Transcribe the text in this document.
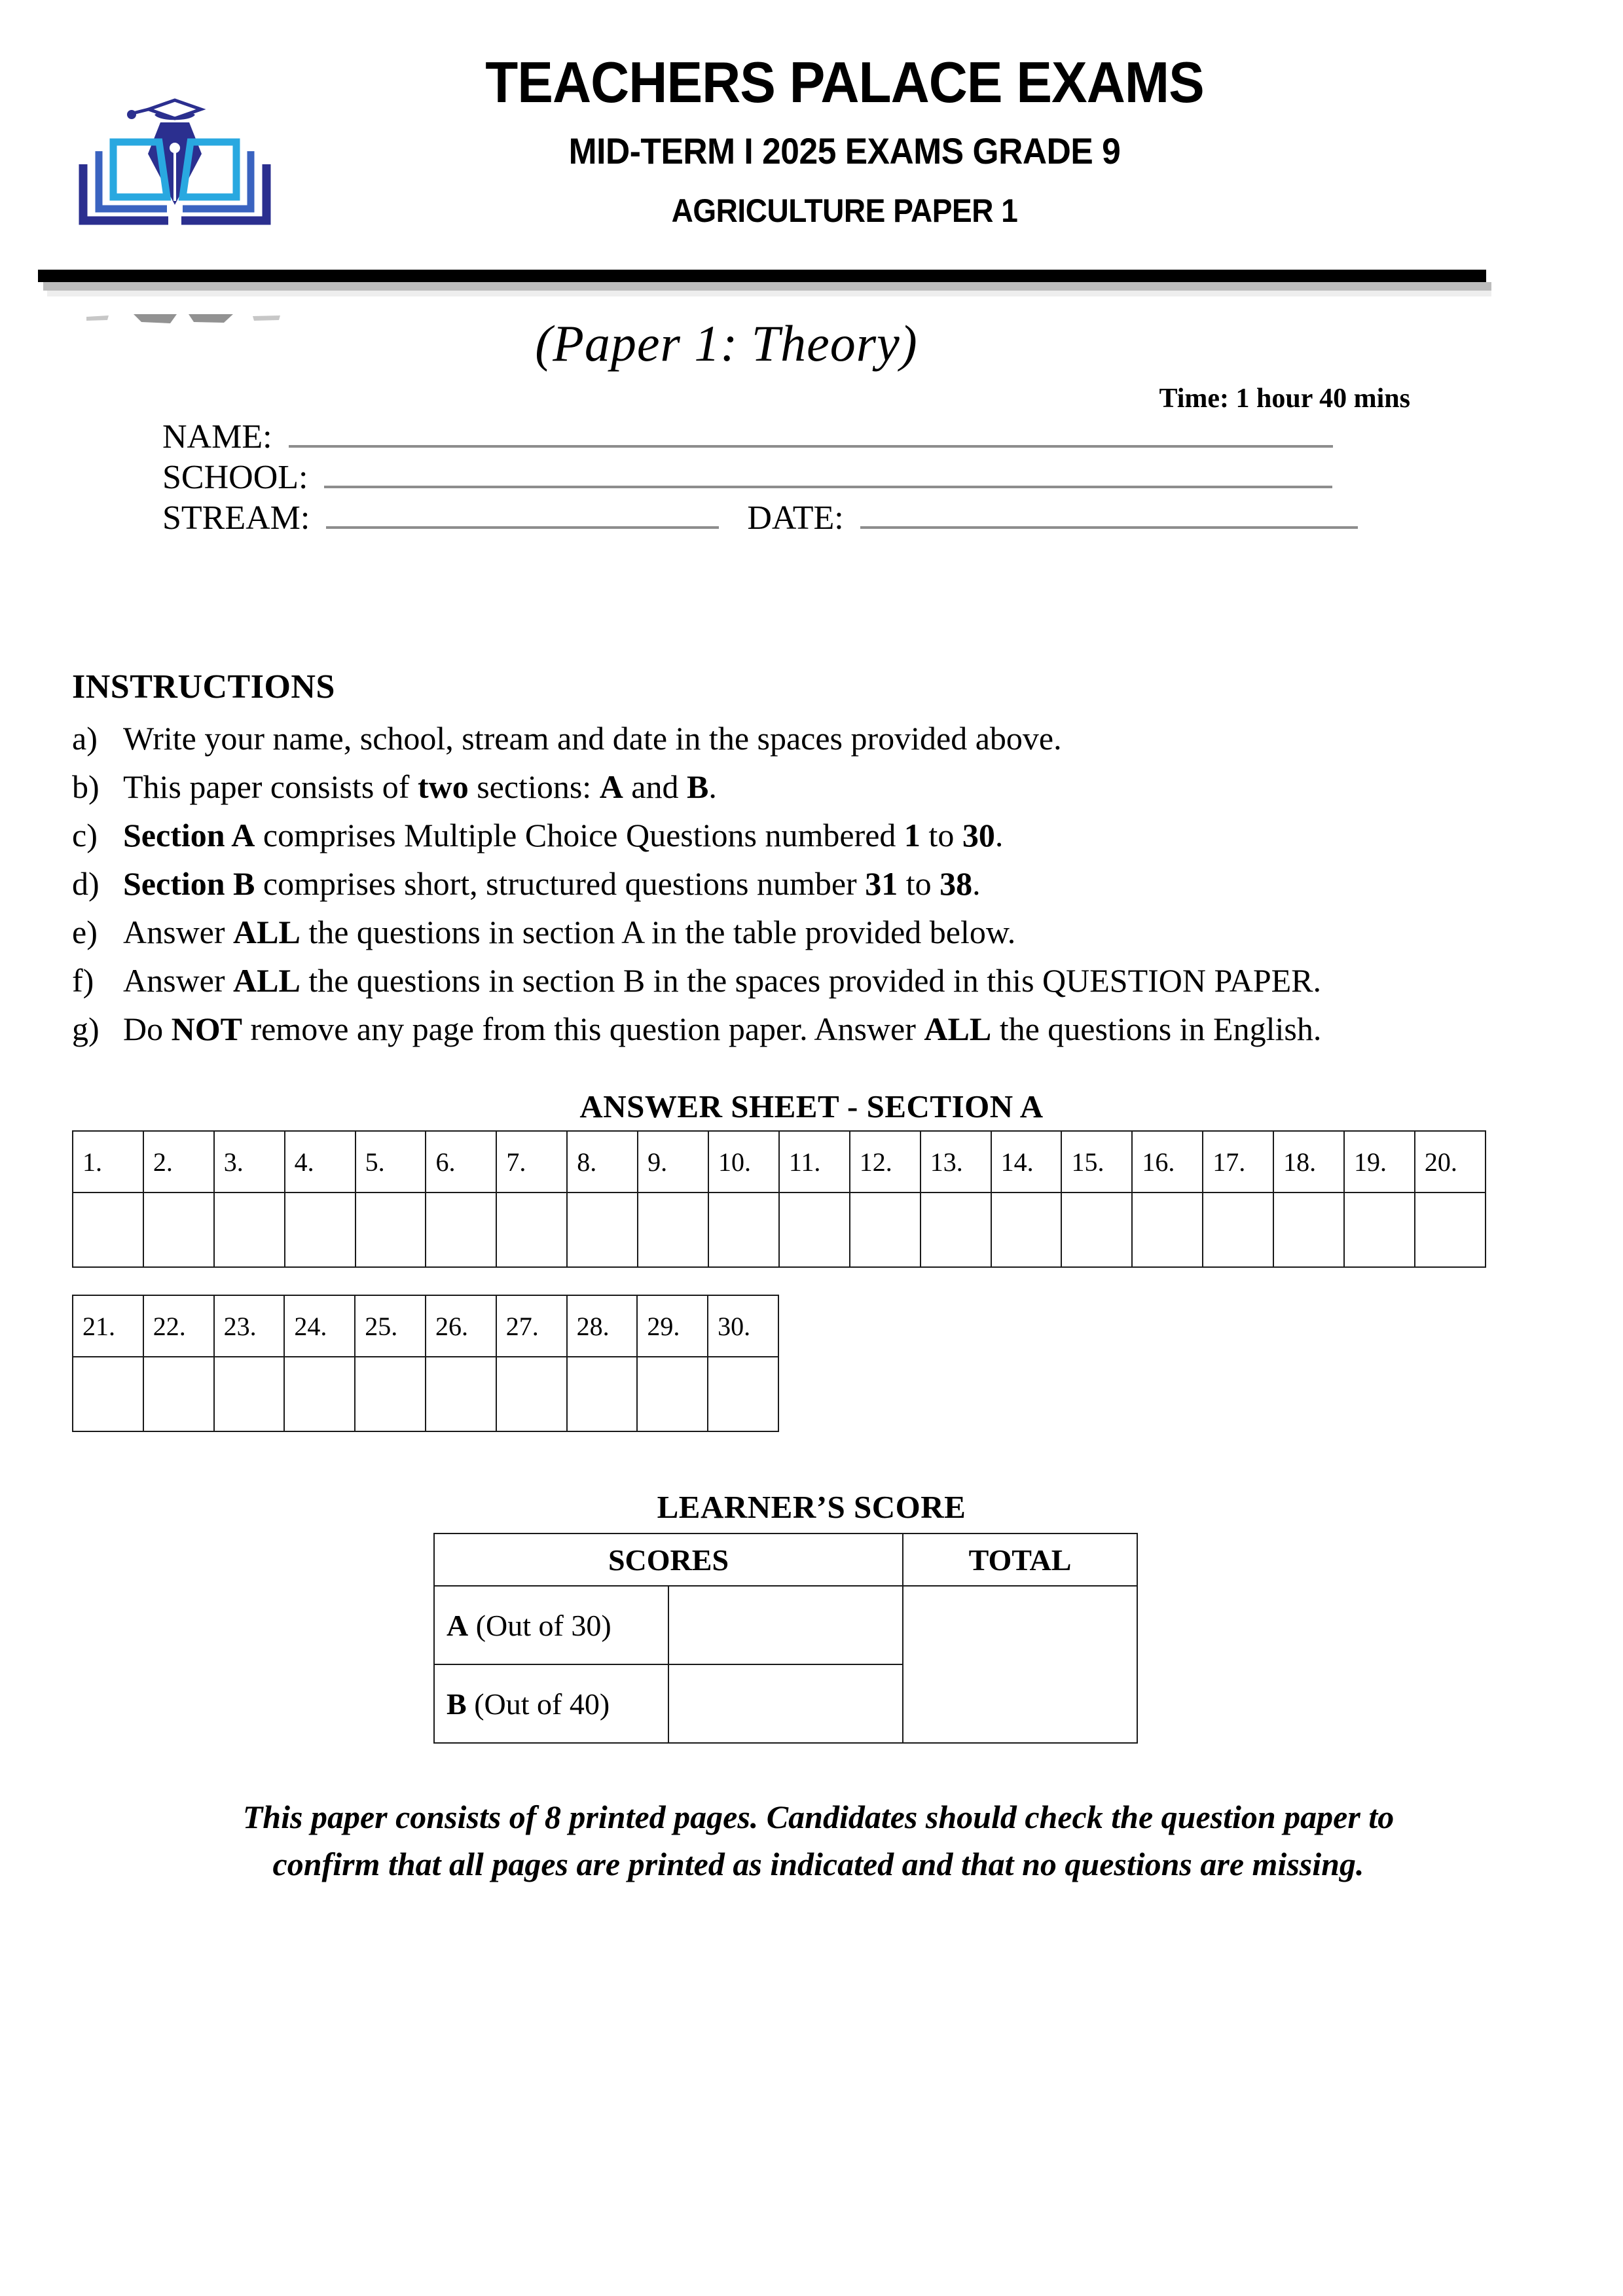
TEACHERS PALACE EXAMS
MID-TERM I 2025 EXAMS GRADE 9
AGRICULTURE PAPER 1
(Paper 1: Theory)
Time: 1 hour 40 mins
NAME:
SCHOOL:
STREAM:	DATE:
INSTRUCTIONS
a) Write your name, school, stream and date in the spaces provided above.
b) This paper consists of two sections: A and B.
c) Section A comprises Multiple Choice Questions numbered 1 to 30.
d) Section B comprises short, structured questions number 31 to 38.
e) Answer ALL the questions in section A in the table provided below.
f) Answer ALL the questions in section B in the spaces provided in this QUESTION PAPER.
g) Do NOT remove any page from this question paper. Answer ALL the questions in English.
ANSWER SHEET - SECTION A
1.	2.	3.	4.	5.	6.	7.	8.	9.	10.	11.	12.	13.	14.	15.	16.	17.	18.	19.	20.

21.	22.	23.	24.	25.	26.	27.	28.	29.	30.

LEARNER’S SCORE
SCORES		TOTAL
A (Out of 30)		
B (Out of 40)		
This paper consists of 8 printed pages. Candidates should check the question paper to
confirm that all pages are printed as indicated and that no questions are missing.
